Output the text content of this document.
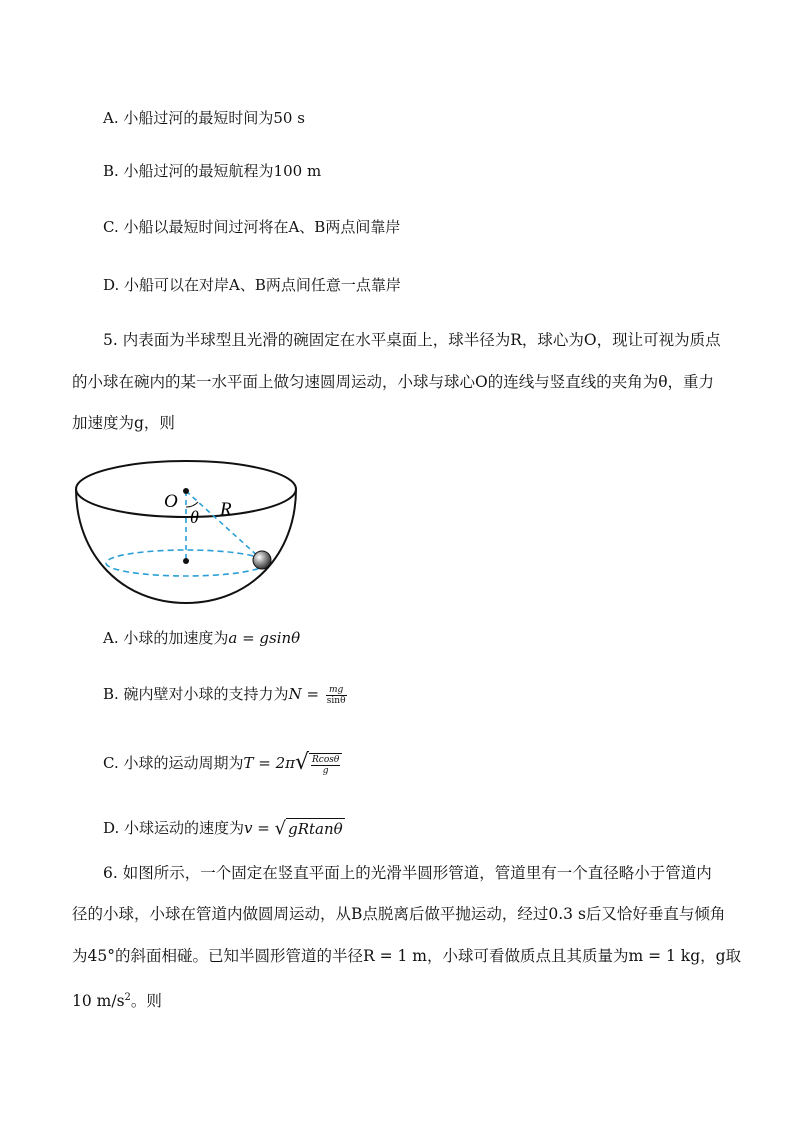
A. 小船过河的最短时间为50 s
B. 小船过河的最短航程为100 m
C. 小船以最短时间过河将在A、B两点间靠岸
D. 小船可以在对岸A、B两点间任意一点靠岸
5. 内表面为半球型且光滑的碗固定在水平桌面上，球半径为R，球心为O，现让可视为质点
的小球在碗内的某一水平面上做匀速圆周运动，小球与球心O的连线与竖直线的夹角为θ，重力
加速度为g，则
O
θ R
A. 小球的加速度为a = gsinθ
B. 碗内壁对小球的支持力为$N = \frac{mg}{\sin\theta}$
C. 小球的运动周期为$T = 2\pi√ \frac{Rcos\theta}{g}$
D. 小球运动的速度为v = √ gRtanθ
6. 如图所示，一个固定在竖直平面上的光滑半圆形管道，管道里有一个直径略小于管道内
径的小球，小球在管道内做圆周运动，从B点脱离后做平抛运动，经过0.3 s后又恰好垂直与倾角
为45°的斜面相碰。已知半圆形管道的半径R = 1 m，小球可看做质点且其质量为m = 1 kg，g取
10 $m/s^2$。则
